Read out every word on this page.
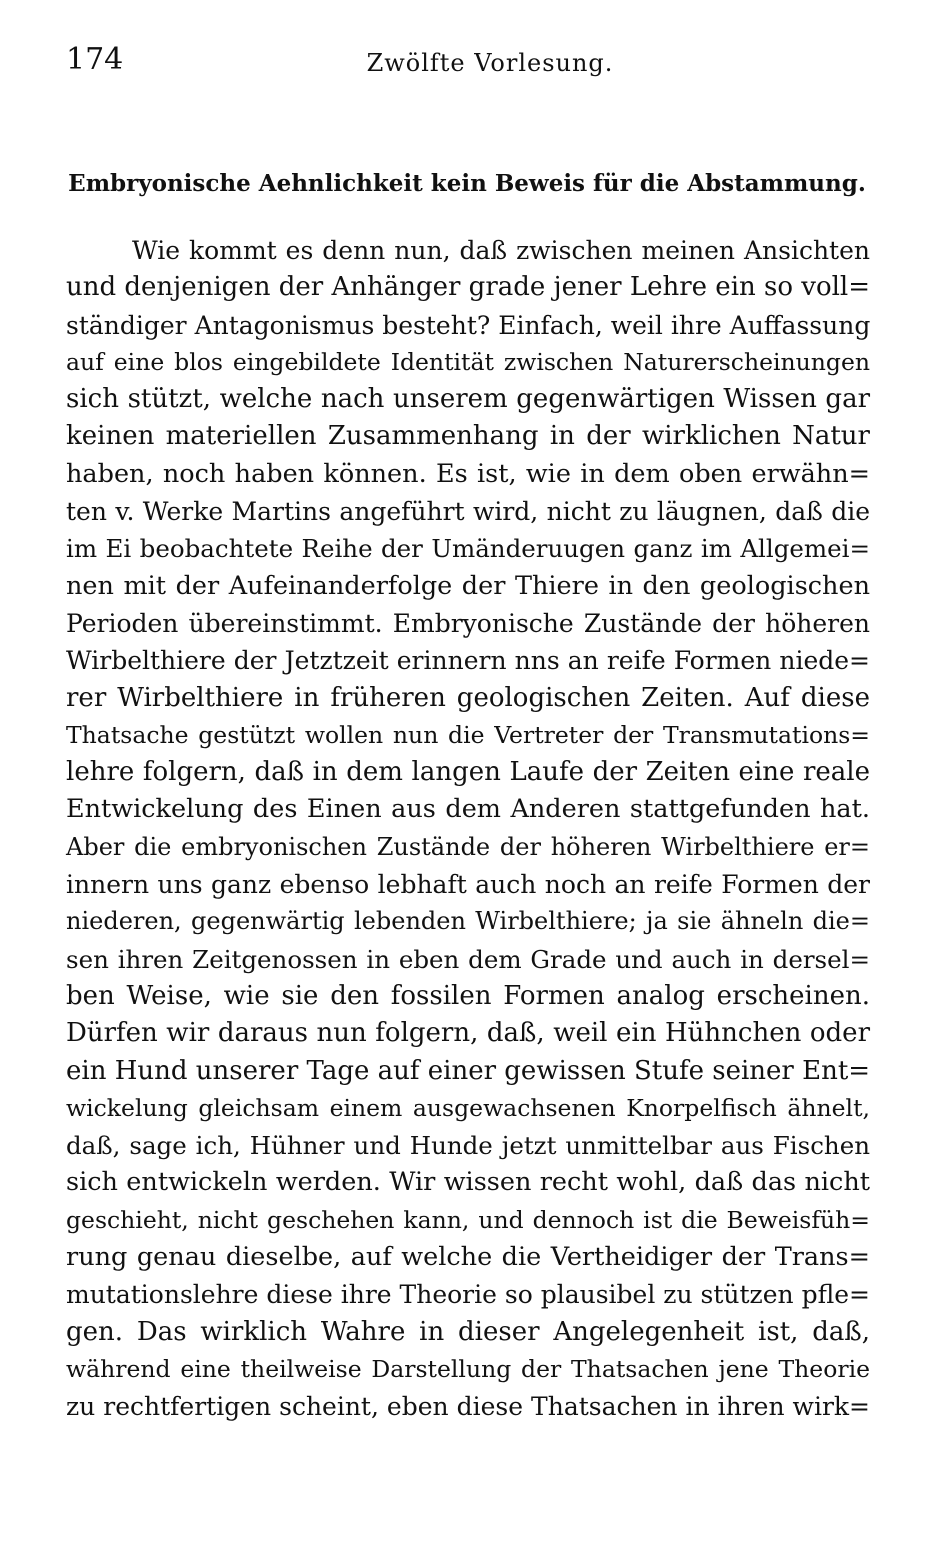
174	Zwölfte Vorlesung.
Embryonische Aehnlichkeit kein Beweis für die Abstammung.
Wie kommt es denn nun, daß zwischen meinen Ansichten
und denjenigen der Anhänger grade jener Lehre ein so voll=
ständiger Antagonismus besteht? Einfach, weil ihre Auffassung
auf eine blos eingebildete Identität zwischen Naturerscheinungen
sich stützt, welche nach unserem gegenwärtigen Wissen gar
keinen materiellen Zusammenhang in der wirklichen Natur
haben, noch haben können. Es ist, wie in dem oben erwähn=
ten v. Werke Martins angeführt wird, nicht zu läugnen, daß die
im Ei beobachtete Reihe der Umänderuugen ganz im Allgemei=
nen mit der Aufeinanderfolge der Thiere in den geologischen
Perioden übereinstimmt. Embryonische Zustände der höheren
Wirbelthiere der Jetztzeit erinnern nns an reife Formen niede=
rer Wirbelthiere in früheren geologischen Zeiten. Auf diese
Thatsache gestützt wollen nun die Vertreter der Transmutations=
lehre folgern, daß in dem langen Laufe der Zeiten eine reale
Entwickelung des Einen aus dem Anderen stattgefunden hat.
Aber die embryonischen Zustände der höheren Wirbelthiere er=
innern uns ganz ebenso lebhaft auch noch an reife Formen der
niederen, gegenwärtig lebenden Wirbelthiere; ja sie ähneln die=
sen ihren Zeitgenossen in eben dem Grade und auch in dersel=
ben Weise, wie sie den fossilen Formen analog erscheinen.
Dürfen wir daraus nun folgern, daß, weil ein Hühnchen oder
ein Hund unserer Tage auf einer gewissen Stufe seiner Ent=
wickelung gleichsam einem ausgewachsenen Knorpelfisch ähnelt,
daß, sage ich, Hühner und Hunde jetzt unmittelbar aus Fischen
sich entwickeln werden. Wir wissen recht wohl, daß das nicht
geschieht, nicht geschehen kann, und dennoch ist die Beweisfüh=
rung genau dieselbe, auf welche die Vertheidiger der Trans=
mutationslehre diese ihre Theorie so plausibel zu stützen pfle=
gen. Das wirklich Wahre in dieser Angelegenheit ist, daß,
während eine theilweise Darstellung der Thatsachen jene Theorie
zu rechtfertigen scheint, eben diese Thatsachen in ihren wirk=
